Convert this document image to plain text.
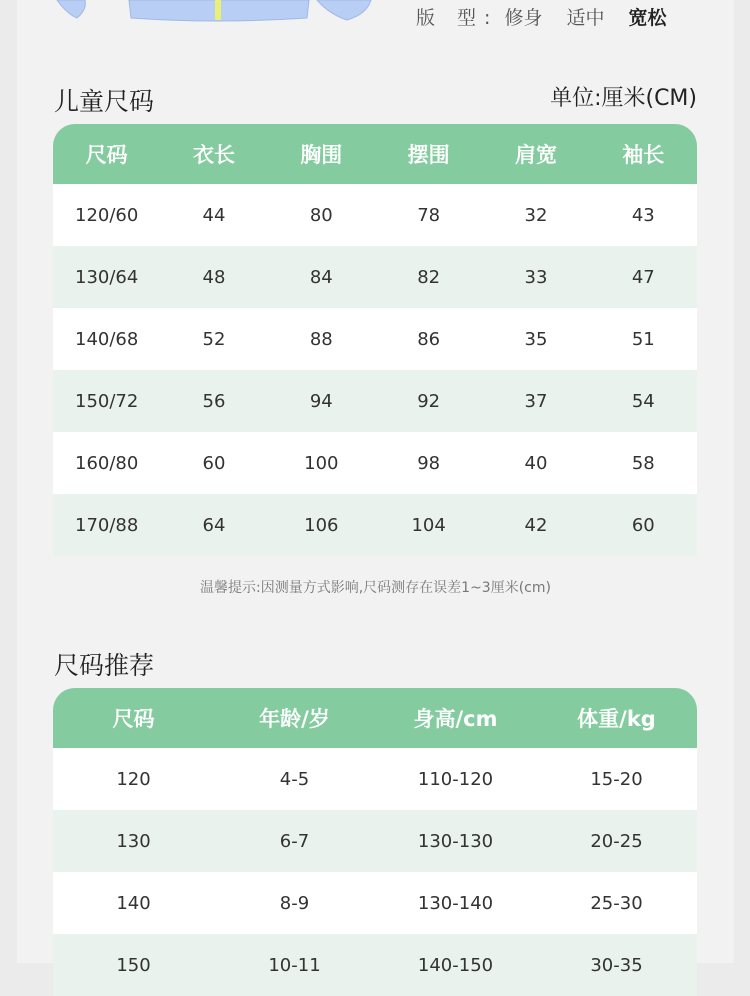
版 型: 修身 适中 宽松
儿童尺码	单位:厘米(CM)
尺码	衣长	胸围	摆围	肩宽	袖长
120/60	44	80	78	32	43
130/64	48	84	82	33	47
140/68	52	88	86	35	51
150/72	56	94	92	37	54
160/80	60	100	98	40	58
170/88	64	106	104	42	60
温馨提示:因测量方式影响,尺码测存在误差1~3厘米(cm)
尺码推荐
尺码	年龄/岁	身高/cm	体重/kg
120	4-5	110-120	15-20
130	6-7	130-130	20-25
140	8-9	130-140	25-30
150	10-11	140-150	30-35
